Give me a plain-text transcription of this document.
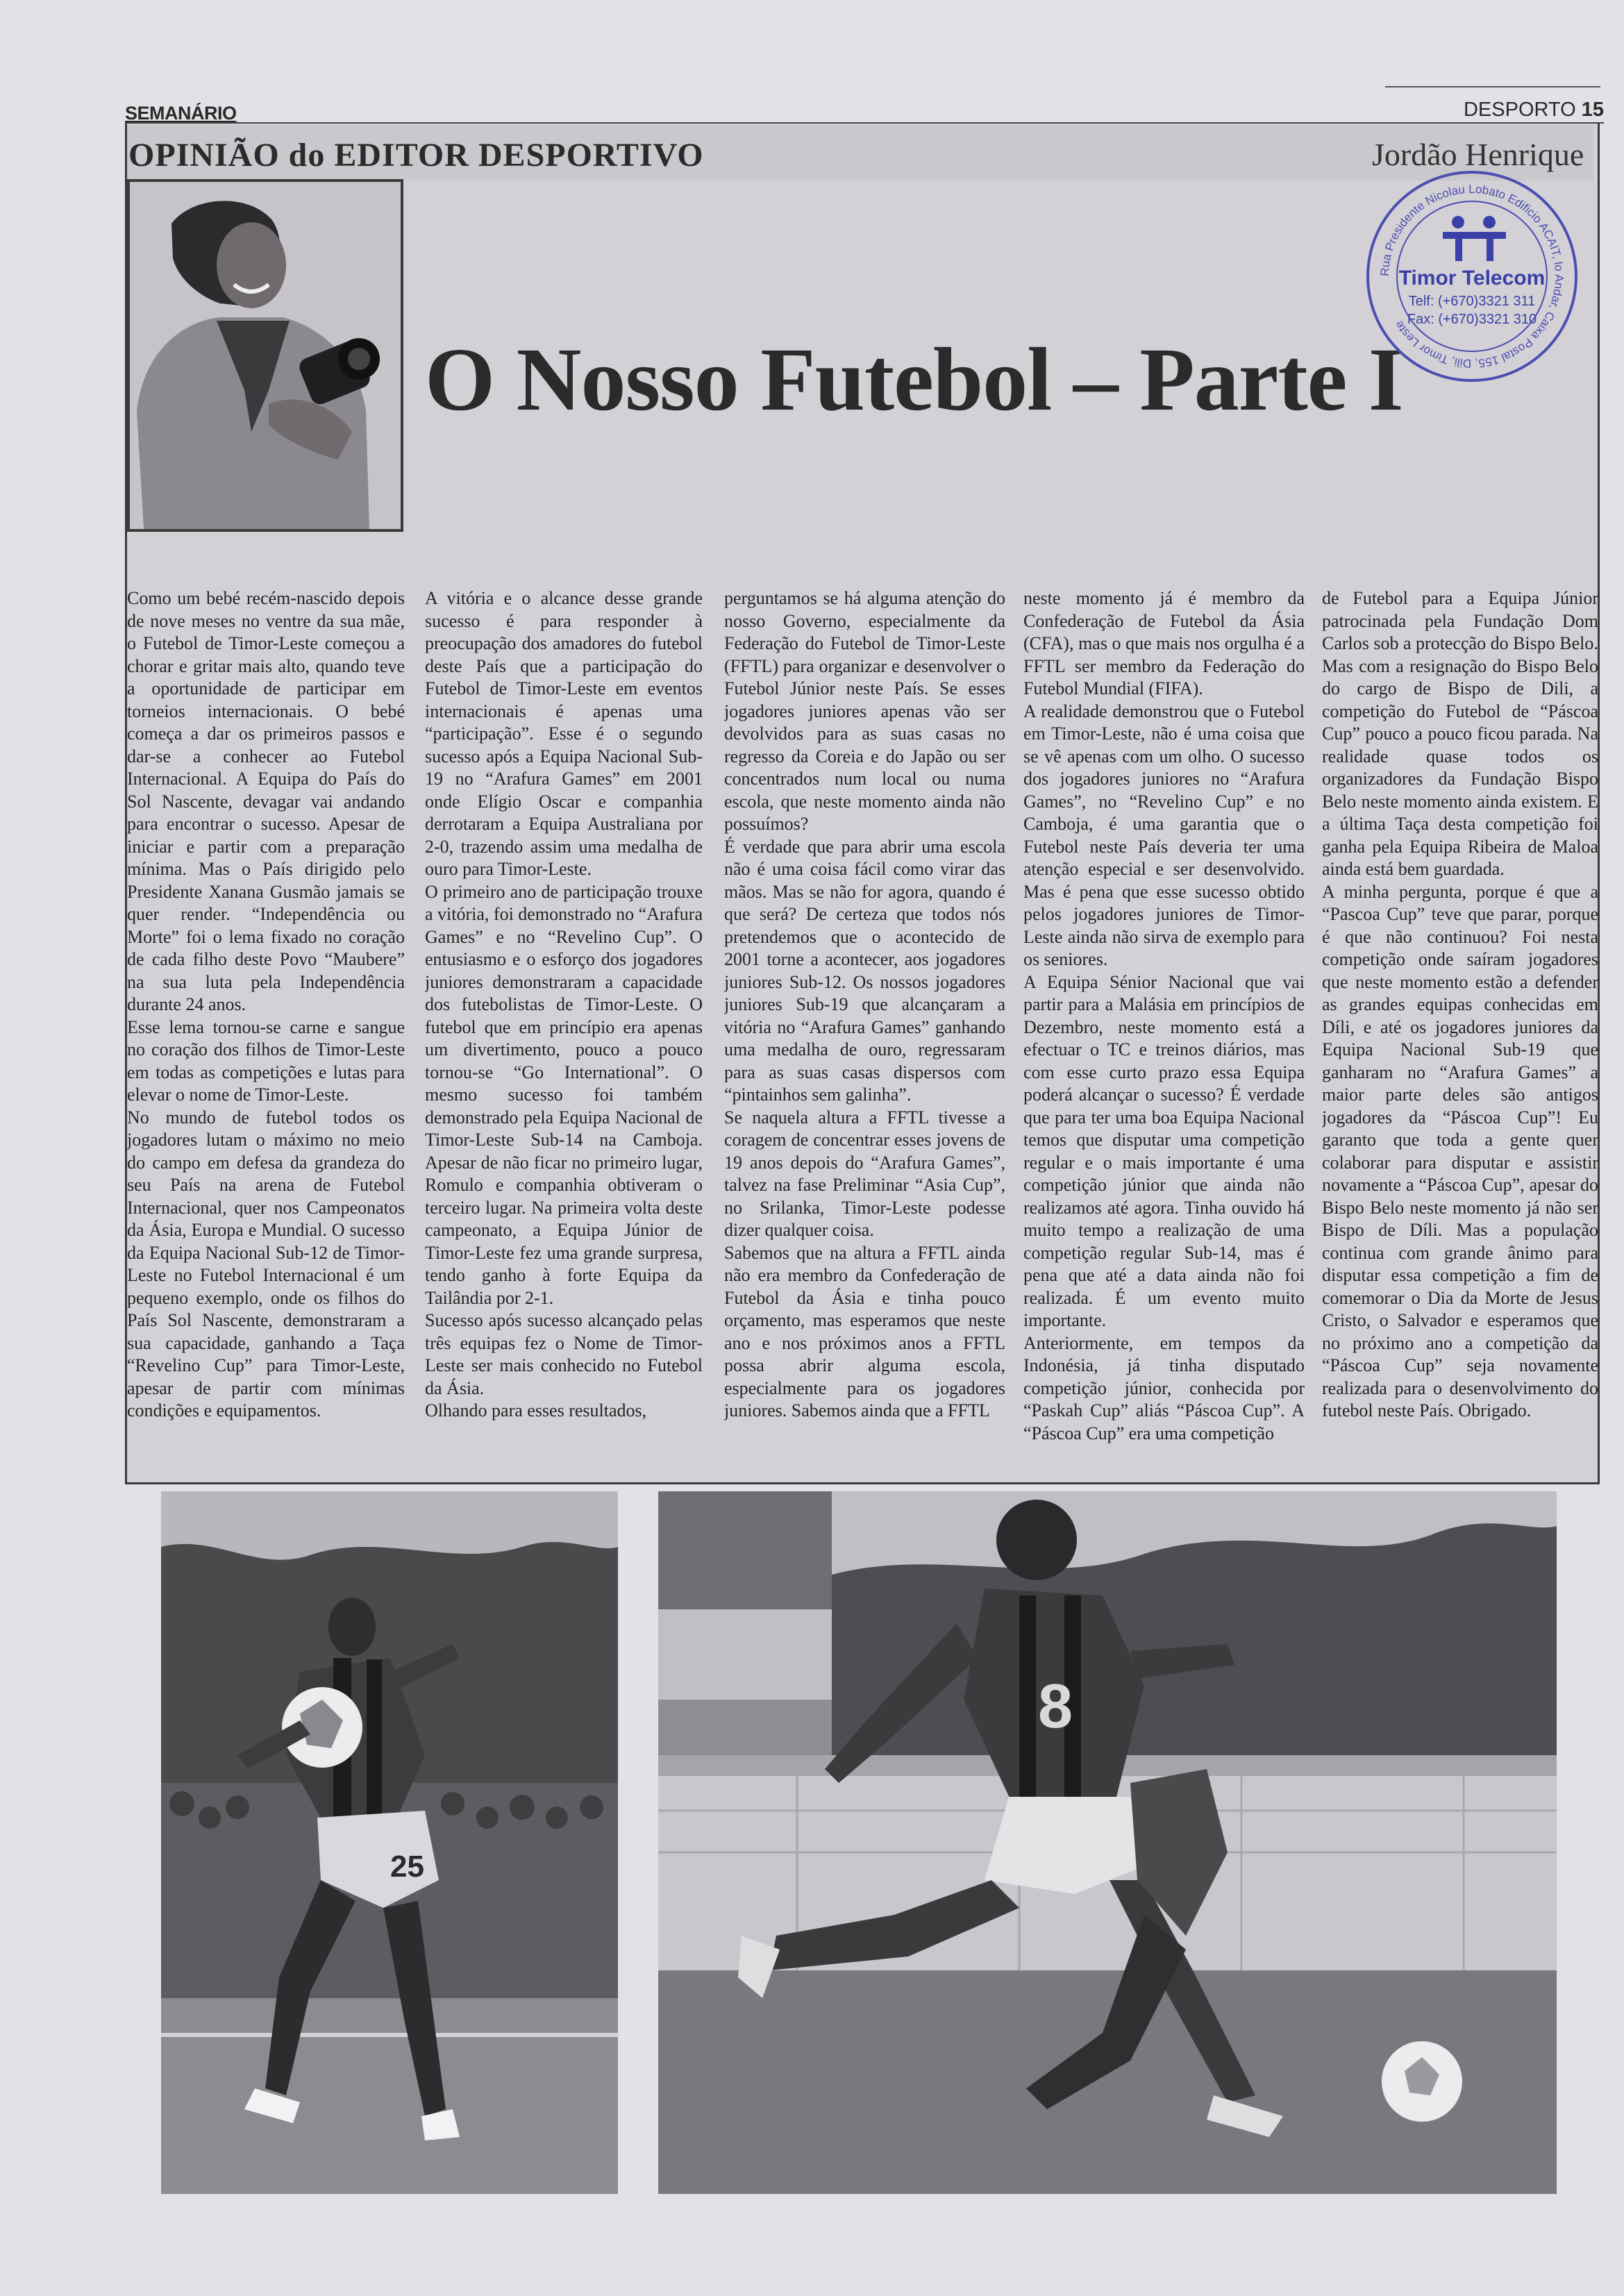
SEMANÁRIO	DESPORTO 15
OPINIÃO do EDITOR DESPORTIVO	Jordão Henrique
O Nosso Futebol – Parte I
Rua Presidente Nicolau Lobato Edificio ACAIT, lo Andar, Caixa Postal 155, Dili, Timor Leste
Timor Telecom
Telf: (+670)3321 311
Fax: (+670)3321 310
Como um bebé recém-nascido depois de nove meses no ventre da sua mãe, o Futebol de Timor-Leste começou a chorar e gritar mais alto, quando teve a oportunidade de participar em torneios internacionais. O bebé começa a dar os primeiros passos e dar-se a conhecer ao Futebol Internacional. A Equipa do País do Sol Nascente, devagar vai andando para encontrar o sucesso. Apesar de iniciar e partir com a preparação mínima. Mas o País dirigido pelo Presidente Xanana Gusmão jamais se quer render. “Independência ou Morte” foi o lema fixado no coração de cada filho deste Povo “Maubere” na sua luta pela Independência durante 24 anos.
Esse lema tornou-se carne e sangue no coração dos filhos de Timor-Leste em todas as competições e lutas para elevar o nome de Timor-Leste.
No mundo de futebol todos os jogadores lutam o máximo no meio do campo em defesa da grandeza do seu País na arena de Futebol Internacional, quer nos Campeonatos da Ásia, Europa e Mundial. O sucesso da Equipa Nacional Sub-12 de Timor-Leste no Futebol Internacional é um pequeno exemplo, onde os filhos do País Sol Nascente, demonstraram a sua capacidade, ganhando a Taça “Revelino Cup” para Timor-Leste, apesar de partir com mínimas condições e equipamentos.
A vitória e o alcance desse grande sucesso é para responder à preocupação dos amadores do futebol deste País que a participação do Futebol de Timor-Leste em eventos internacionais é apenas uma “participação”. Esse é o segundo sucesso após a Equipa Nacional Sub-19 no “Arafura Games” em 2001 onde Elígio Oscar e companhia derrotaram a Equipa Australiana por 2-0, trazendo assim uma medalha de ouro para Timor-Leste.
O primeiro ano de participação trouxe a vitória, foi demonstrado no “Arafura Games” e no “Revelino Cup”. O entusiasmo e o esforço dos jogadores juniores demonstraram a capacidade dos futebolistas de Timor-Leste. O futebol que em princípio era apenas um divertimento, pouco a pouco tornou-se “Go International”. O mesmo sucesso foi também demonstrado pela Equipa Nacional de Timor-Leste Sub-14 na Camboja. Apesar de não ficar no primeiro lugar, Romulo e companhia obtiveram o terceiro lugar. Na primeira volta deste campeonato, a Equipa Júnior de Timor-Leste fez uma grande surpresa, tendo ganho à forte Equipa da Tailândia por 2-1.
Sucesso após sucesso alcançado pelas três equipas fez o Nome de Timor-Leste ser mais conhecido no Futebol da Ásia.
Olhando para esses resultados,
perguntamos se há alguma atenção do nosso Governo, especialmente da Federação do Futebol de Timor-Leste (FFTL) para organizar e desenvolver o Futebol Júnior neste País. Se esses jogadores juniores apenas vão ser devolvidos para as suas casas no regresso da Coreia e do Japão ou ser concentrados num local ou numa escola, que neste momento ainda não possuímos?
É verdade que para abrir uma escola não é uma coisa fácil como virar das mãos. Mas se não for agora, quando é que será? De certeza que todos nós pretendemos que o acontecido de 2001 torne a acontecer, aos jogadores juniores Sub-12. Os nossos jogadores juniores Sub-19 que alcançaram a vitória no “Arafura Games” ganhando uma medalha de ouro, regressaram para as suas casas dispersos com “pintainhos sem galinha”.
Se naquela altura a FFTL tivesse a coragem de concentrar esses jovens de 19 anos depois do “Arafura Games”, talvez na fase Preliminar “Asia Cup”, no Srilanka, Timor-Leste podesse dizer qualquer coisa.
Sabemos que na altura a FFTL ainda não era membro da Confederação de Futebol da Ásia e tinha pouco orçamento, mas esperamos que neste ano e nos próximos anos a FFTL possa abrir alguma escola, especialmente para os jogadores juniores. Sabemos ainda que a FFTL
neste momento já é membro da Confederação de Futebol da Ásia (CFA), mas o que mais nos orgulha é a FFTL ser membro da Federação do Futebol Mundial (FIFA).
A realidade demonstrou que o Futebol em Timor-Leste, não é uma coisa que se vê apenas com um olho. O sucesso dos jogadores juniores no “Arafura Games”, no “Revelino Cup” e no Camboja, é uma garantia que o Futebol neste País deveria ter uma atenção especial e ser desenvolvido. Mas é pena que esse sucesso obtido pelos jogadores juniores de Timor-Leste ainda não sirva de exemplo para os seniores.
A Equipa Sénior Nacional que vai partir para a Malásia em princípios de Dezembro, neste momento está a efectuar o TC e treinos diários, mas com esse curto prazo essa Equipa poderá alcançar o sucesso? É verdade que para ter uma boa Equipa Nacional temos que disputar uma competição regular e o mais importante é uma competição júnior que ainda não realizamos até agora. Tinha ouvido há muito tempo a realização de uma competição regular Sub-14, mas é pena que até a data ainda não foi realizada. É um evento muito importante.
Anteriormente, em tempos da Indonésia, já tinha disputado competição júnior, conhecida por “Paskah Cup” aliás “Páscoa Cup”. A “Páscoa Cup” era uma competição
de Futebol para a Equipa Júnior patrocinada pela Fundação Dom Carlos sob a protecção do Bispo Belo.
Mas com a resignação do Bispo Belo do cargo de Bispo de Dili, a competição do Futebol de “Páscoa Cup” pouco a pouco ficou parada. Na realidade quase todos os organizadores da Fundação Bispo Belo neste momento ainda existem. E a última Taça desta competição foi ganha pela Equipa Ribeira de Maloa ainda está bem guardada.
A minha pergunta, porque é que a “Pascoa Cup” teve que parar, porque é que não continuou? Foi nesta competição onde saíram jogadores que neste momento estão a defender as grandes equipas conhecidas em Díli, e até os jogadores juniores da Equipa Nacional Sub-19 que ganharam no “Arafura Games” a maior parte deles são antigos jogadores da “Páscoa Cup”! Eu garanto que toda a gente quer colaborar para disputar e assistir novamente a “Páscoa Cup”, apesar do Bispo Belo neste momento já não ser Bispo de Díli. Mas a população continua com grande ânimo para disputar essa competição a fim de comemorar o Dia da Morte de Jesus Cristo, o Salvador e esperamos que no próximo ano a competição da “Páscoa Cup” seja novamente realizada para o desenvolvimento do futebol neste País. Obrigado.
25
8
